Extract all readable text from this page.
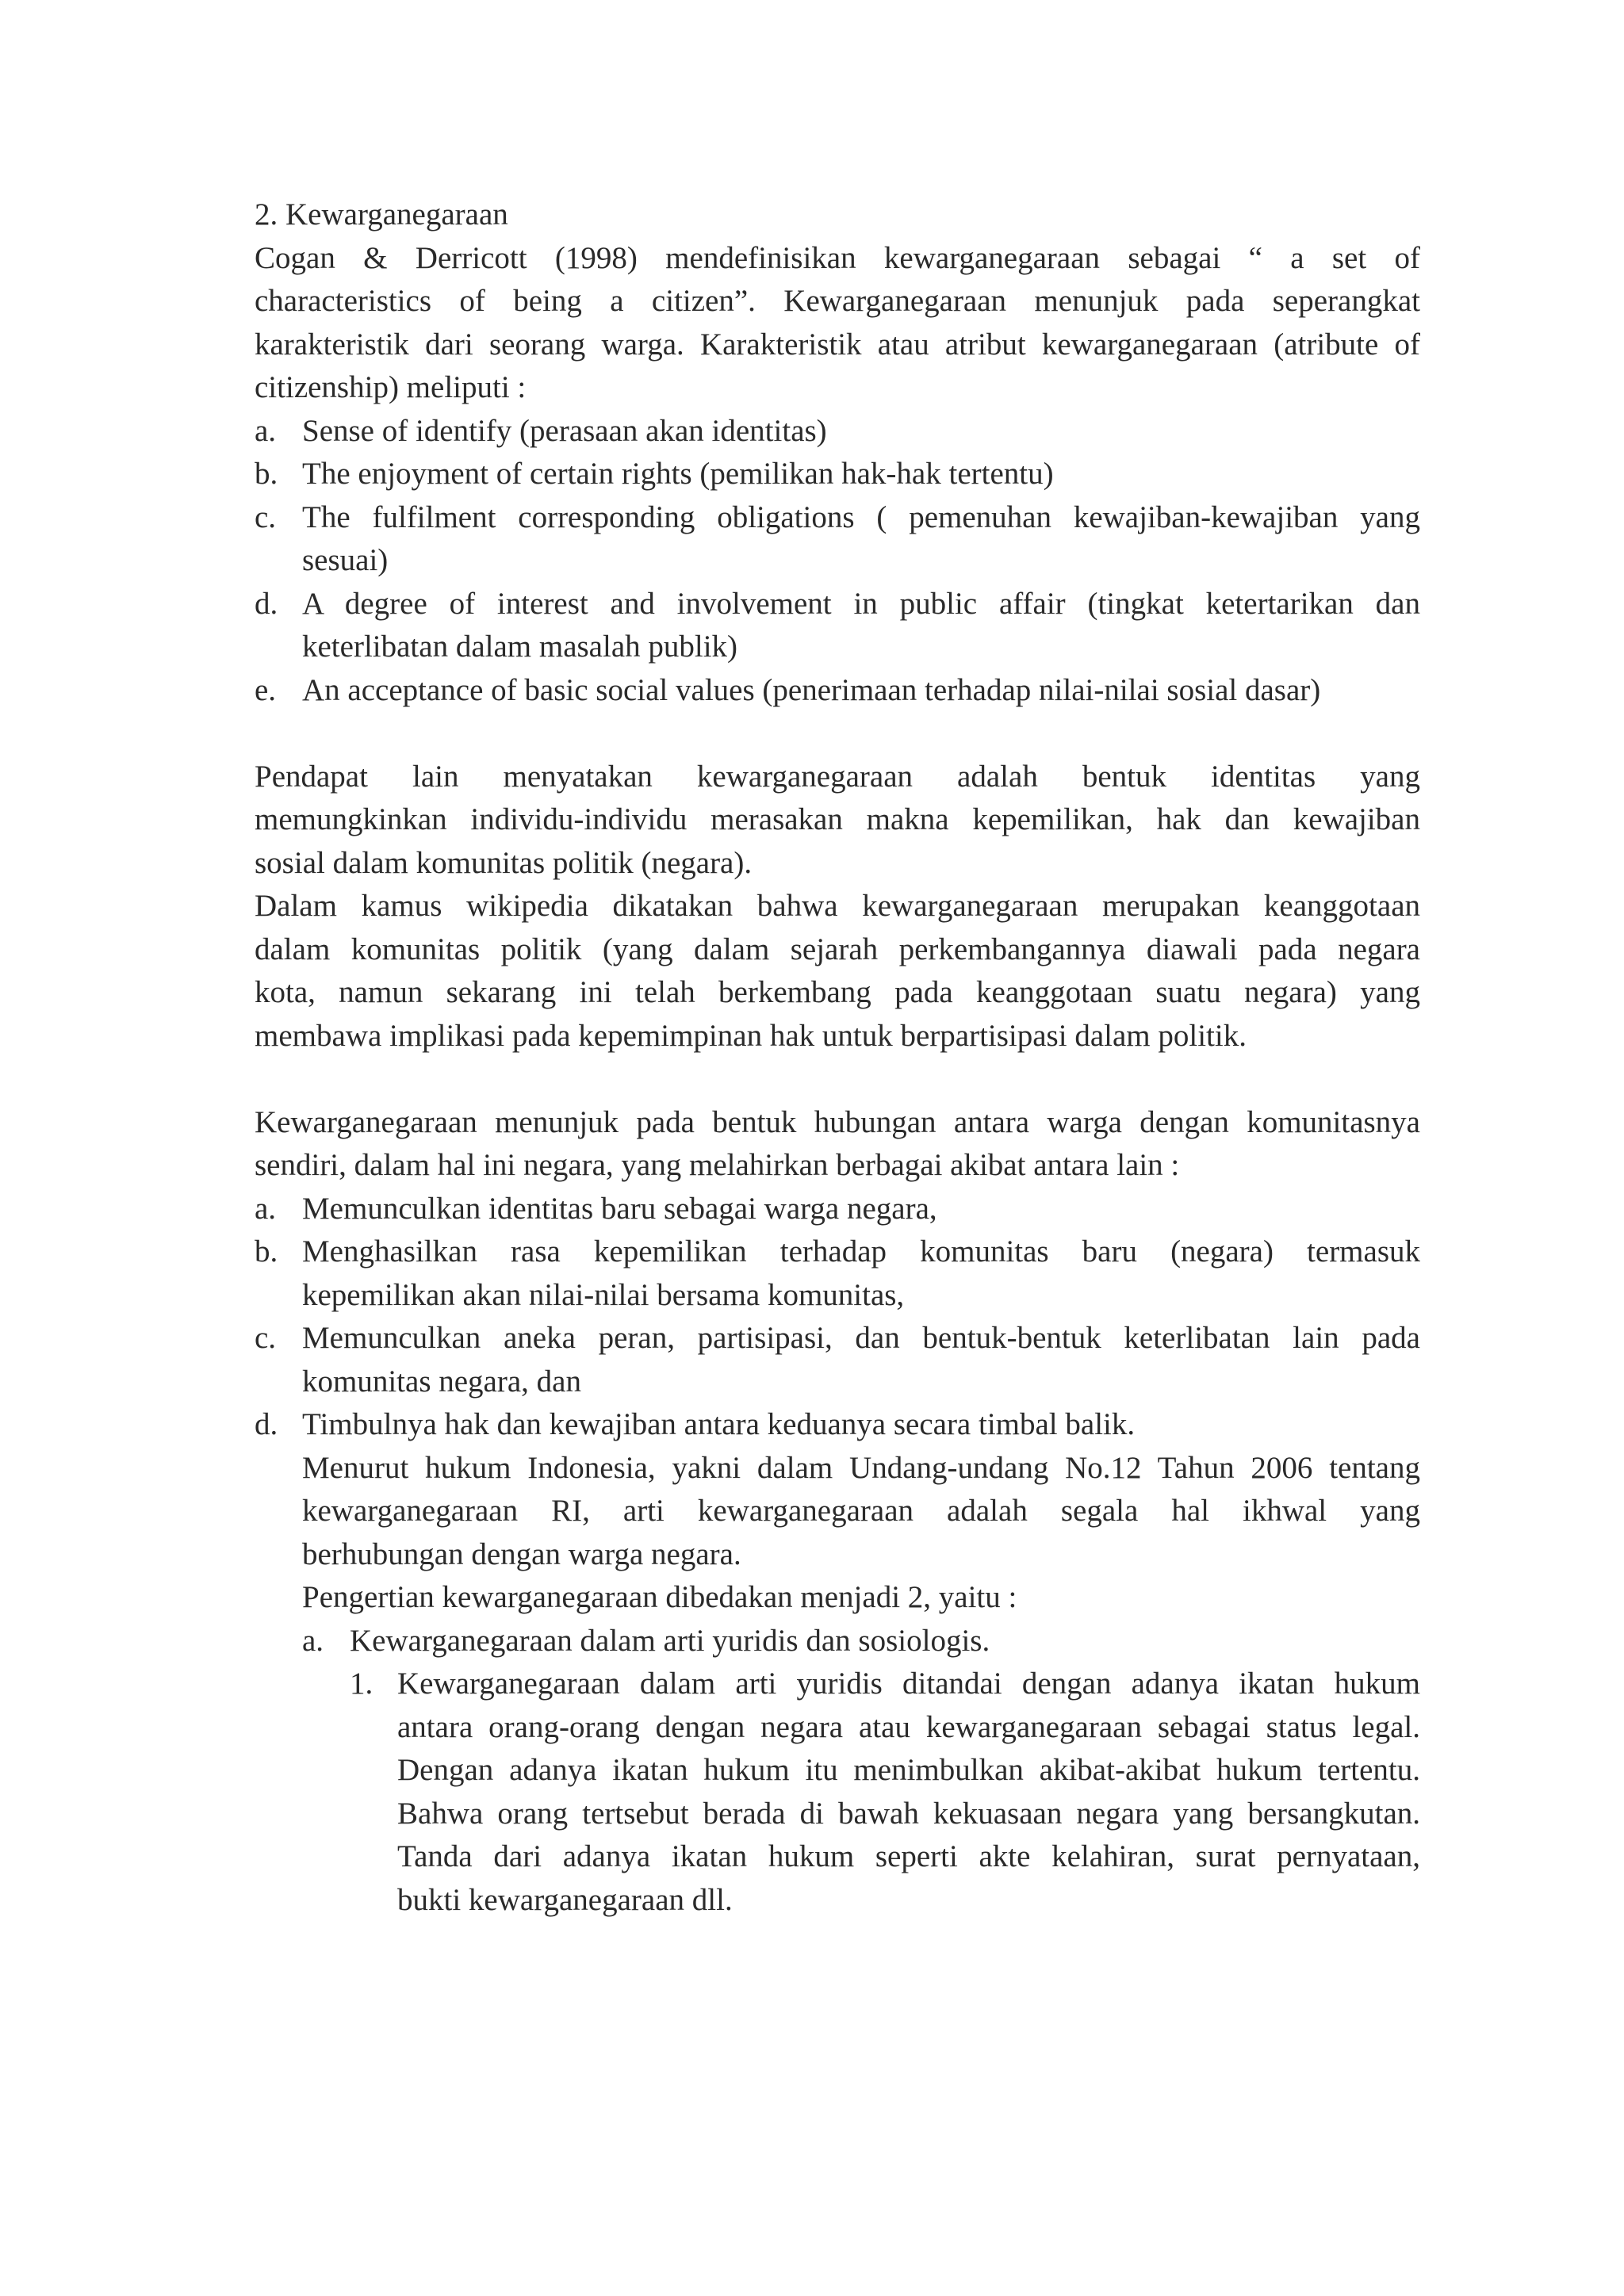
2. Kewarganegaraan
Cogan & Derricott (1998) mendefinisikan kewarganegaraan sebagai “ a set of
characteristics of being a citizen”. Kewarganegaraan menunjuk pada seperangkat
karakteristik dari seorang warga. Karakteristik atau atribut kewarganegaraan (atribute of
citizenship) meliputi :
a. Sense of identify (perasaan akan identitas)
b. The enjoyment of certain rights (pemilikan hak-hak tertentu)
c. The fulfilment corresponding obligations ( pemenuhan kewajiban-kewajiban yang
sesuai)
d. A degree of interest and involvement in public affair (tingkat ketertarikan dan
keterlibatan dalam masalah publik)
e. An acceptance of basic social values (penerimaan terhadap nilai-nilai sosial dasar)
Pendapat lain menyatakan kewarganegaraan adalah bentuk identitas yang
memungkinkan individu-individu merasakan makna kepemilikan, hak dan kewajiban
sosial dalam komunitas politik (negara).
Dalam kamus wikipedia dikatakan bahwa kewarganegaraan merupakan keanggotaan
dalam komunitas politik (yang dalam sejarah perkembangannya diawali pada negara
kota, namun sekarang ini telah berkembang pada keanggotaan suatu negara) yang
membawa implikasi pada kepemimpinan hak untuk berpartisipasi dalam politik.
Kewarganegaraan menunjuk pada bentuk hubungan antara warga dengan komunitasnya
sendiri, dalam hal ini negara, yang melahirkan berbagai akibat antara lain :
a. Memunculkan identitas baru sebagai warga negara,
b. Menghasilkan rasa kepemilikan terhadap komunitas baru (negara) termasuk
kepemilikan akan nilai-nilai bersama komunitas,
c. Memunculkan aneka peran, partisipasi, dan bentuk-bentuk keterlibatan lain pada
komunitas negara, dan
d. Timbulnya hak dan kewajiban antara keduanya secara timbal balik.
Menurut hukum Indonesia, yakni dalam Undang-undang No.12 Tahun 2006 tentang
kewarganegaraan RI, arti kewarganegaraan adalah segala hal ikhwal yang
berhubungan dengan warga negara.
Pengertian kewarganegaraan dibedakan menjadi 2, yaitu :
a. Kewarganegaraan dalam arti yuridis dan sosiologis.
1. Kewarganegaraan dalam arti yuridis ditandai dengan adanya ikatan hukum
antara orang-orang dengan negara atau kewarganegaraan sebagai status legal.
Dengan adanya ikatan hukum itu menimbulkan akibat-akibat hukum tertentu.
Bahwa orang tertsebut berada di bawah kekuasaan negara yang bersangkutan.
Tanda dari adanya ikatan hukum seperti akte kelahiran, surat pernyataan,
bukti kewarganegaraan dll.
